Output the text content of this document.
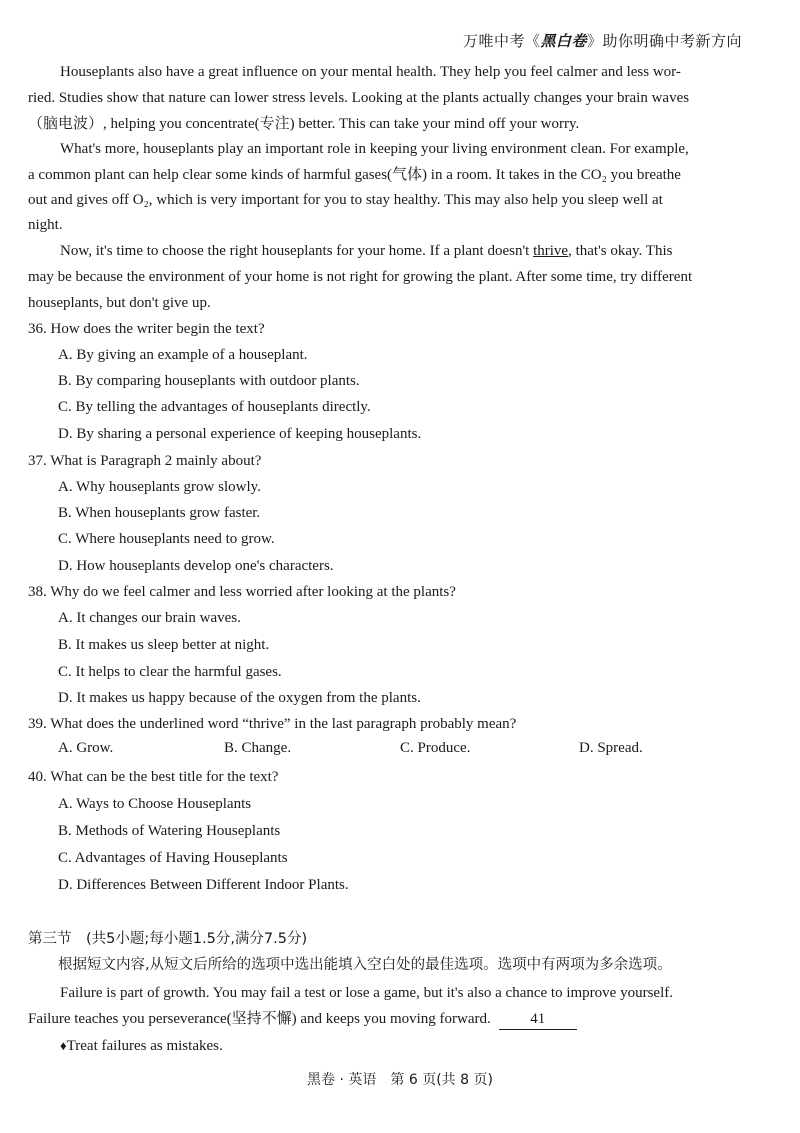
万唯中考《黑白卷》助你明确中考新方向
Houseplants also have a great influence on your mental health. They help you feel calmer and less wor-
ried. Studies show that nature can lower stress levels. Looking at the plants actually changes your brain waves
（脑电波）, helping you concentrate(专注) better. This can take your mind off your worry.
What's more, houseplants play an important role in keeping your living environment clean. For example,
a common plant can help clear some kinds of harmful gases(气体) in a room. It takes in the CO₂ you breathe
out and gives off O₂, which is very important for you to stay healthy. This may also help you sleep well at
night.
Now, it's time to choose the right houseplants for your home. If a plant doesn't thrive, that's okay. This
may be because the environment of your home is not right for growing the plant. After some time, try different
houseplants, but don't give up.
36. How does the writer begin the text?
A. By giving an example of a houseplant.
B. By comparing houseplants with outdoor plants.
C. By telling the advantages of houseplants directly.
D. By sharing a personal experience of keeping houseplants.
37. What is Paragraph 2 mainly about?
A. Why houseplants grow slowly.
B. When houseplants grow faster.
C. Where houseplants need to grow.
D. How houseplants develop one's characters.
38. Why do we feel calmer and less worried after looking at the plants?
A. It changes our brain waves.
B. It makes us sleep better at night.
C. It helps to clear the harmful gases.
D. It makes us happy because of the oxygen from the plants.
39. What does the underlined word “thrive” in the last paragraph probably mean?
A. Grow.	B. Change.	C. Produce.	D. Spread.
40. What can be the best title for the text?
A. Ways to Choose Houseplants
B. Methods of Watering Houseplants
C. Advantages of Having Houseplants
D. Differences Between Different Indoor Plants.
第三节　(共5小题;每小题1.5分,满分7.5分)
根据短文内容,从短文后所给的选项中选出能填入空白处的最佳选项。选项中有两项为多余选项。
Failure is part of growth. You may fail a test or lose a game, but it's also a chance to improve yourself.
Failure teaches you perseverance(坚持不懈) and keeps you moving forward.	41
♦Treat failures as mistakes.
黑卷 · 英语　第 6 页(共 8 页)
